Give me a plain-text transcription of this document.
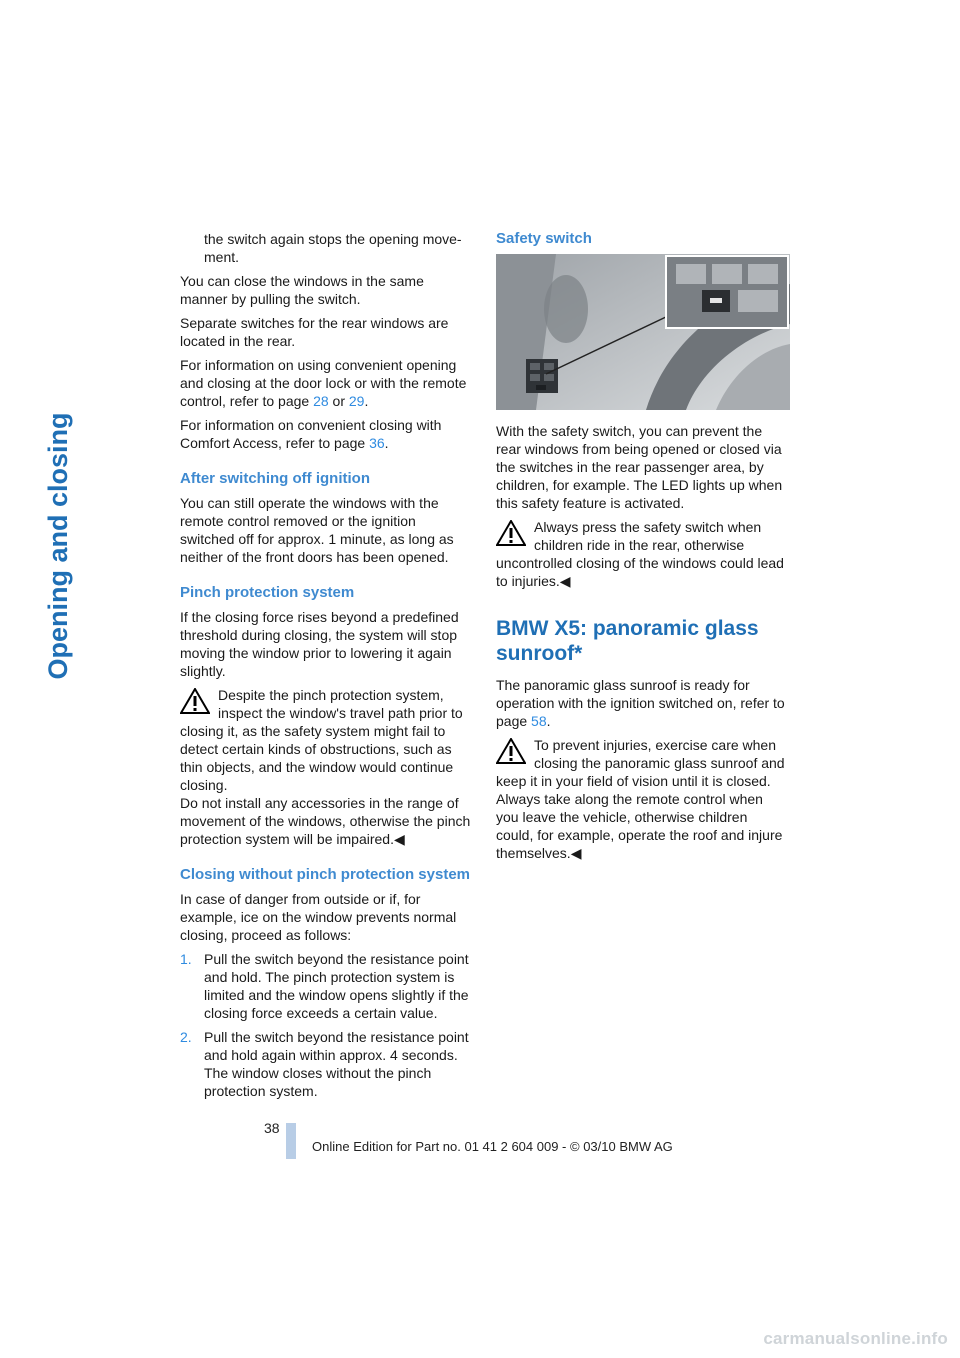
Opening and closing

the switch again stops the opening move-ment.

You can close the windows in the same manner by pulling the switch.

Separate switches for the rear windows are located in the rear.

For information on using convenient opening and closing at the door lock or with the remote control, refer to page 28 or 29.

For information on convenient closing with Comfort Access, refer to page 36.

After switching off ignition

You can still operate the windows with the remote control removed or the ignition switched off for approx. 1 minute, as long as neither of the front doors has been opened.

Pinch protection system

If the closing force rises beyond a predefined threshold during closing, the system will stop moving the window prior to lowering it again slightly.

Despite the pinch protection system, inspect the window's travel path prior to closing it, as the safety system might fail to detect certain kinds of obstructions, such as thin objects, and the window would continue closing.

Do not install any accessories in the range of movement of the windows, otherwise the pinch protection system will be impaired.◀

Closing without pinch protection system

In case of danger from outside or if, for example, ice on the window prevents normal closing, proceed as follows:

1. Pull the switch beyond the resistance point and hold. The pinch protection system is limited and the window opens slightly if the closing force exceeds a certain value.
2. Pull the switch beyond the resistance point and hold again within approx. 4 seconds. The window closes without the pinch protection system.
Safety switch

With the safety switch, you can prevent the rear windows from being opened or closed via the switches in the rear passenger area, by children, for example. The LED lights up when this safety feature is activated.

Always press the safety switch when children ride in the rear, otherwise uncontrolled closing of the windows could lead to injuries.◀

BMW X5: panoramic glass sunroof*

The panoramic glass sunroof is ready for operation with the ignition switched on, refer to page 58.

To prevent injuries, exercise care when closing the panoramic glass sunroof and keep it in your field of vision until it is closed. Always take along the remote control when you leave the vehicle, otherwise children could, for example, operate the roof and injure themselves.◀

38
Online Edition for Part no. 01 41 2 604 009 - © 03/10 BMW AG
carmanualsonline.info
